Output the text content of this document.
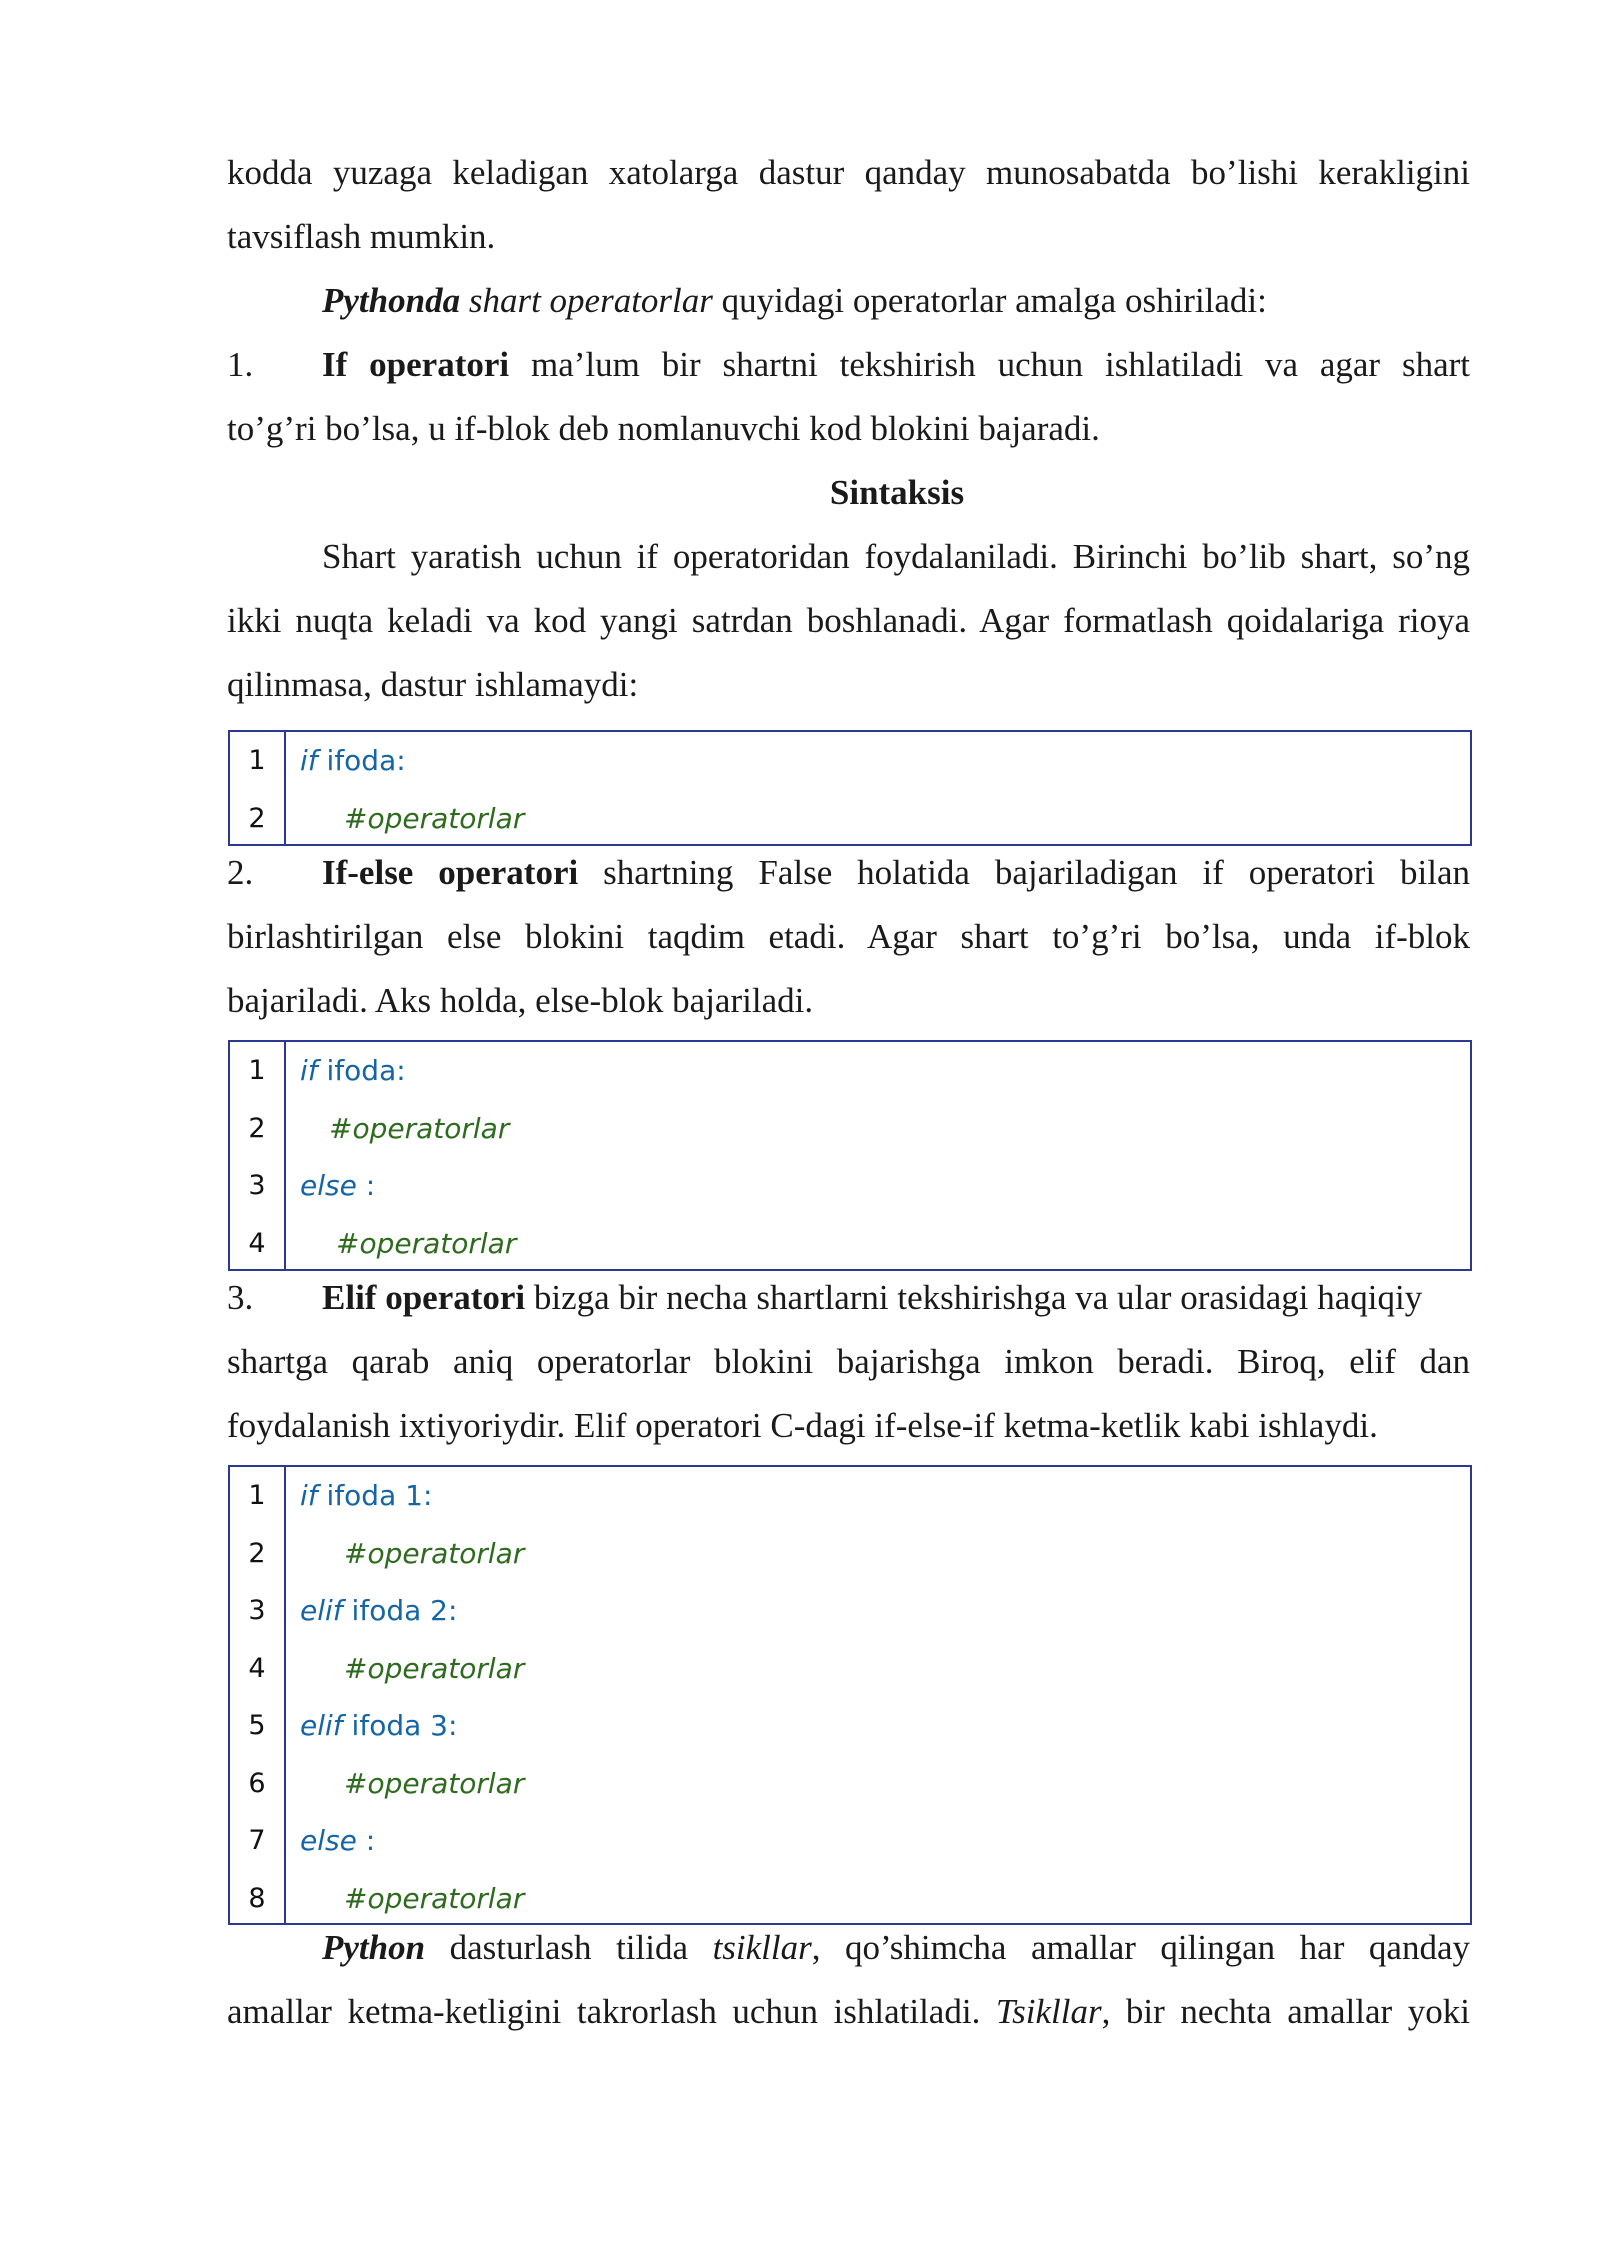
kodda yuzaga keladigan xatolarga dastur qanday munosabatda bo’lishi kerakligini
tavsiflash mumkin.
Pythonda shart operatorlar quyidagi operatorlar amalga oshiriladi:
1.	If operatori ma’lum bir shartni tekshirish uchun ishlatiladi va agar shart
to’g’ri bo’lsa, u if-blok deb nomlanuvchi kod blokini bajaradi.
Sintaksis
Shart yaratish uchun if operatoridan foydalaniladi. Birinchi bo’lib shart, so’ng
ikki nuqta keladi va kod yangi satrdan boshlanadi. Agar formatlash qoidalariga rioya
qilinmasa, dastur ishlamaydi:
1	if ifoda:
2	#operatorlar
2.	If-else operatori shartning False holatida bajariladigan if operatori bilan
birlashtirilgan else blokini taqdim etadi. Agar shart to’g’ri bo’lsa, unda if-blok
bajariladi. Aks holda, else-blok bajariladi.
1	if ifoda:
2	#operatorlar
3	else :
4	#operatorlar
3.	Elif operatori bizga bir necha shartlarni tekshirishga va ular orasidagi haqiqiy
shartga qarab aniq operatorlar blokini bajarishga imkon beradi. Biroq, elif dan
foydalanish ixtiyoriydir. Elif operatori C-dagi if-else-if ketma-ketlik kabi ishlaydi.
1	if ifoda 1:
2	#operatorlar
3	elif ifoda 2:
4	#operatorlar
5	elif ifoda 3:
6	#operatorlar
7	else :
8	#operatorlar
Python dasturlash tilida tsikllar, qo’shimcha amallar qilingan har qanday
amallar ketma-ketligini takrorlash uchun ishlatiladi. Tsikllar, bir nechta amallar yoki
